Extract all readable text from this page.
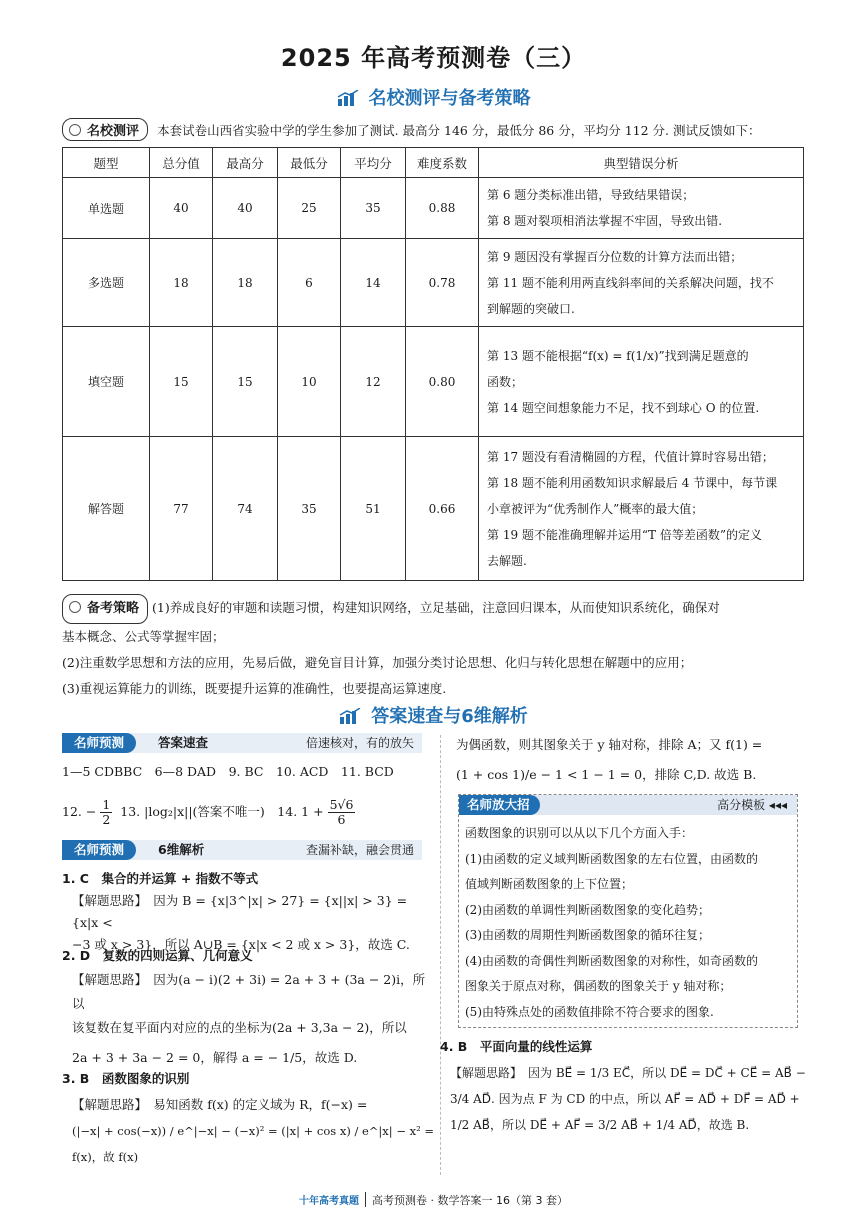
2025 年高考预测卷（三）
名校测评与备考策略
名校测评 本套试卷山西省实验中学的学生参加了测试. 最高分 146 分，最低分 86 分，平均分 112 分. 测试反馈如下：
题型	总分值	最高分	最低分	平均分	难度系数	典型错误分析
单选题	40	40	25	35	0.88	第 6 题分类标准出错，导致结果错误；
第 8 题对裂项相消法掌握不牢固，导致出错.

多选题	18	18	6	14	0.78	第 9 题因没有掌握百分位数的计算方法而出错；
第 11 题不能利用两直线斜率间的关系解决问题，找不
到解题的突破口.

填空题	15	15	10	12	0.80	第 13 题不能根据“f(x) = f(1/x)”找到满足题意的
函数；
第 14 题空间想象能力不足，找不到球心 O 的位置.

解答题	77	74	35	51	0.66	第 17 题没有看清椭圆的方程，代值计算时容易出错；
第 18 题不能利用函数知识求解最后 4 节课中，每节课
小章被评为“优秀制作人”概率的最大值；
第 19 题不能准确理解并运用“T 倍等差函数”的定义
去解题.
备考策略 (1)养成良好的审题和读题习惯，构建知识网络，立足基础，注意回归课本，从而使知识系统化，确保对
基本概念、公式等掌握牢固；
(2)注重数学思想和方法的应用，先易后做，避免盲目计算，加强分类讨论思想、化归与转化思想在解题中的应用；
(3)重视运算能力的训练，既要提升运算的准确性，也要提高运算速度.
答案速查与6维解析
名师预测	答案速查	倍速核对，有的放矢
1—5 CDBBC　6—8 DAD　9. BC　10. ACD　11. BCD
12. − $\frac{1}{2} 13$. |log₂|x||(答案不唯一)　14. $1 + \frac{5√6}{6}$
名师预测	6维解析	查漏补缺，融会贯通
1. C　集合的并运算 + 指数不等式
【解题思路】　因为 B = {x|3^|x| > 27} = {x||x| > 3} = {x|x <
−3 或 x > 3}，所以 A∪B = {x|x < 2 或 x > 3}，故选 C.
2. D　复数的四则运算、几何意义
【解题思路】　因为(a − i)(2 + 3i) = 2a + 3 + (3a − 2)i，所以
该复数在复平面内对应的点的坐标为(2a + 3,3a − 2)，所以
2a + 3 + 3a − 2 = 0，解得 a = − 1/5，故选 D.
3. B　函数图象的识别
【解题思路】　易知函数 f(x) 的定义域为 R，f(−x) =
(|−x| + cos(−x)) / e^|−x| − (−x)² = (|x| + cos x) / e^|x| − x² = f(x)，故 f(x)
为偶函数，则其图象关于 y 轴对称，排除 A；又 f(1) =
(1 + cos 1)/e − 1 < 1 − 1 = 0，排除 C,D. 故选 B.
名师放大招	高分模板 ◂◂◂
函数图象的识别可以从以下几个方面入手：
(1)由函数的定义域判断函数图象的左右位置，由函数的
值域判断函数图象的上下位置；
(2)由函数的单调性判断函数图象的变化趋势；
(3)由函数的周期性判断函数图象的循环往复；
(4)由函数的奇偶性判断函数图象的对称性，如奇函数的
图象关于原点对称，偶函数的图象关于 y 轴对称；
(5)由特殊点处的函数值排除不符合要求的图象.
4. B　平面向量的线性运算
【解题思路】　因为 BE⃗ = 1/3 EC⃗，所以 DE⃗ = DC⃗ + CE⃗ = AB⃗ −
3/4 AD⃗. 因为点 F 为 CD 的中点，所以 AF⃗ = AD⃗ + DF⃗ = AD⃗ +
1/2 AB⃗，所以 DE⃗ + AF⃗ = 3/2 AB⃗ + 1/4 AD⃗，故选 B.
十年高考真题 高考预测卷 · 数学答案一 16（第 3 套）
